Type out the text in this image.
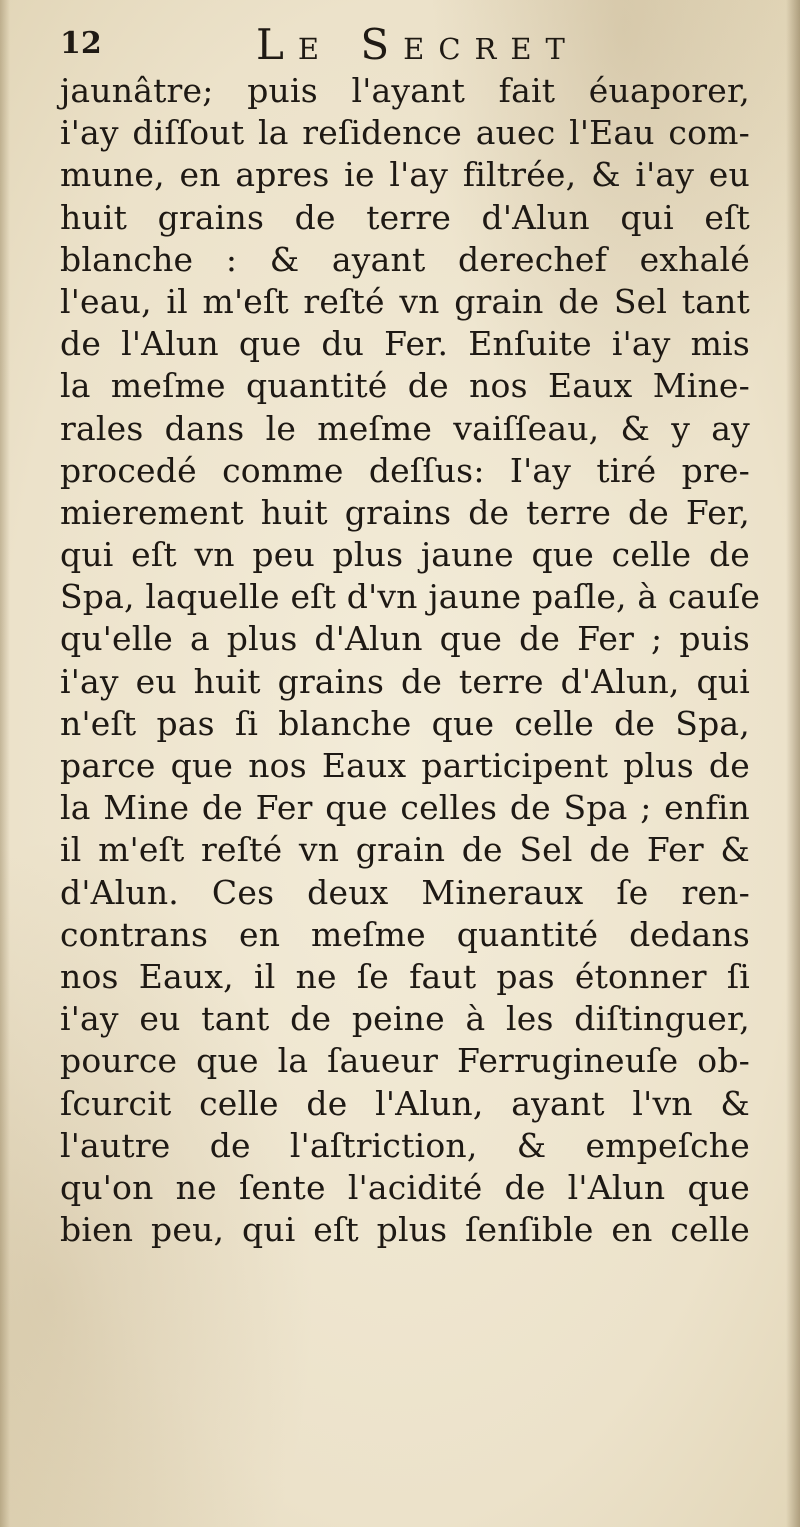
12	Le Secret
jaunâtre; puis l'ayant fait éuaporer,
i'ay diſſout la reſidence auec l'Eau com-
mune, en apres ie l'ay filtrée, & i'ay eu
huit grains de terre d'Alun qui eſt
blanche : & ayant derechef exhalé
l'eau, il m'eſt reſté vn grain de Sel tant
de l'Alun que du Fer. Enſuite i'ay mis
la meſme quantité de nos Eaux Mine-
rales dans le meſme vaiſſeau, & y ay
procedé comme deſſus: I'ay tiré pre-
mierement huit grains de terre de Fer,
qui eſt vn peu plus jaune que celle de
Spa, laquelle eſt d'vn jaune paſle, à cauſe
qu'elle a plus d'Alun que de Fer ; puis
i'ay eu huit grains de terre d'Alun, qui
n'eſt pas ſi blanche que celle de Spa,
parce que nos Eaux participent plus de
la Mine de Fer que celles de Spa ; enfin
il m'eſt reſté vn grain de Sel de Fer &
d'Alun. Ces deux Mineraux ſe ren-
contrans en meſme quantité dedans
nos Eaux, il ne ſe faut pas étonner ſi
i'ay eu tant de peine à les diſtinguer,
pource que la ſaueur Ferrugineuſe ob-
ſcurcit celle de l'Alun, ayant l'vn &
l'autre de l'aſtriction, & empeſche
qu'on ne ſente l'acidité de l'Alun que
bien peu, qui eſt plus ſenſible en celle
